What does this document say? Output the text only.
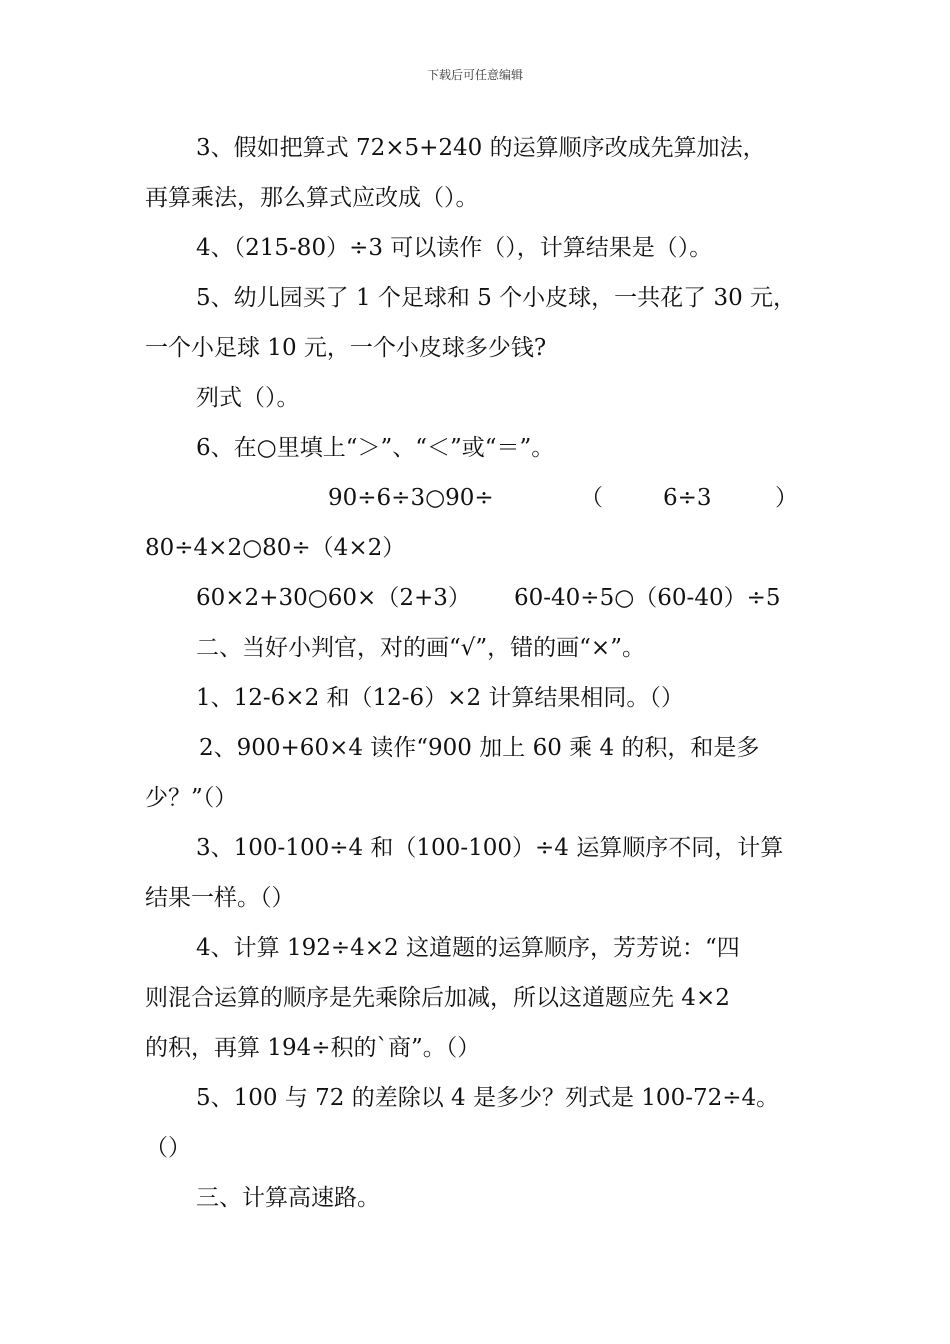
下载后可任意编辑
3、假如把算式 72×5+240 的运算顺序改成先算加法，
再算乘法，那么算式应改成（）。
4、（215-80）÷3 可以读作（），计算结果是（）。
5、幼儿园买了 1 个足球和 5 个小皮球，一共花了 30 元，
一个小足球 10 元，一个小皮球多少钱?
列式（）。
6、在○里填上“＞”、“＜”或“＝”。
90÷6÷3○90÷	（	6÷3	）
80÷4×2○80÷（4×2）
60×2+30○60×（2+3） 60-40÷5○（60-40）÷5
二、当好小判官，对的画“√”，错的画“×”。
1、12-6×2 和（12-6）×2 计算结果相同。（）
2、900+60×4 读作“900 加上 60 乘 4 的积，和是多
少？”（）
3、100-100÷4 和（100-100）÷4 运算顺序不同，计算
结果一样。（）
4、计算 192÷4×2 这道题的运算顺序，芳芳说：“四
则混合运算的顺序是先乘除后加减，所以这道题应先 4×2
的积，再算 194÷积的`商”。（）
5、100 与 72 的差除以 4 是多少？列式是 100-72÷4。
（）
三、计算高速路。
